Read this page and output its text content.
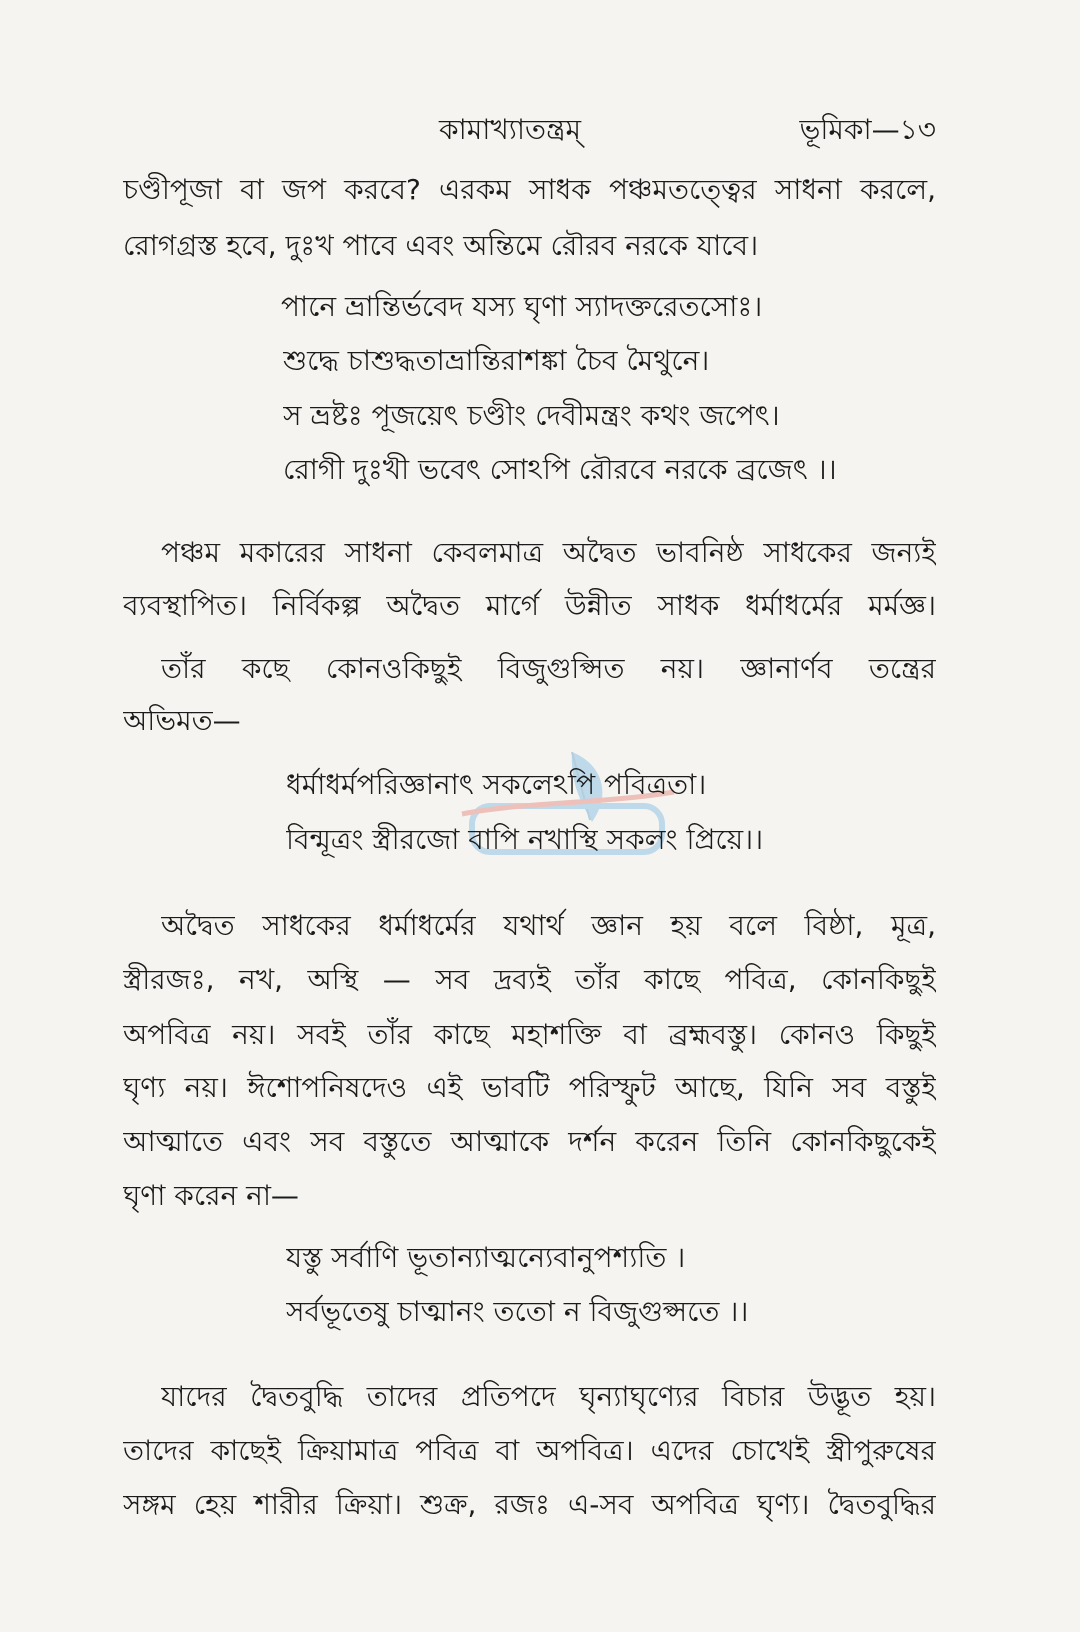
কামাখ্যাতন্ত্রম্	ভূমিকা—১৩
চণ্ডীপূজা বা জপ করবে? এরকম সাধক পঞ্চমতত্ত্বের সাধনা করলে,
রোগগ্রস্ত হবে, দুঃখ পাবে এবং অন্তিমে রৌরব নরকে যাবে।
পানে ভ্রান্তির্ভবেদ যস্য ঘৃণা স্যাদক্তরেতসোঃ।
শুদ্ধে চাশুদ্ধতাভ্রান্তিরাশঙ্কা চৈব মৈথুনে।
স ভ্রষ্টঃ পূজয়েৎ চণ্ডীং দেবীমন্ত্রং কথং জপেৎ।
রোগী দুঃখী ভবেৎ সোঽপি রৌরবে নরকে ব্রজেৎ ।।
পঞ্চম মকারের সাধনা কেবলমাত্র অদ্বৈত ভাবনিষ্ঠ সাধকের জন্যই
ব্যবস্থাপিত। নির্বিকল্প অদ্বৈত মার্গে উন্নীত সাধক ধর্মাধর্মের মর্মজ্ঞ।
তাঁর কছে কোনওকিছুই বিজুগুপ্সিত নয়। জ্ঞানার্ণব তন্ত্রের
অভিমত—
ধর্মাধর্মপরিজ্ঞানাৎ সকলেঽপি পবিত্রতা।
বিন্মূত্রং স্ত্রীরজো বাপি নখাস্থি সকলং প্রিয়ে।।
অদ্বৈত সাধকের ধর্মাধর্মের যথার্থ জ্ঞান হয় বলে বিষ্ঠা, মূত্র,
স্ত্রীরজঃ, নখ, অস্থি — সব দ্রব্যই তাঁর কাছে পবিত্র, কোনকিছুই
অপবিত্র নয়। সবই তাঁর কাছে মহাশক্তি বা ব্রহ্মবস্তু। কোনও কিছুই
ঘৃণ্য নয়। ঈশোপনিষদেও এই ভাবটি পরিস্ফুট আছে, যিনি সব বস্তুই
আত্মাতে এবং সব বস্তুতে আত্মাকে দর্শন করেন তিনি কোনকিছুকেই
ঘৃণা করেন না—
যস্তু সর্বাণি ভূতান্যাত্মন্যেবানুপশ্যতি ।
সর্বভূতেষু চাত্মানং ততো ন বিজুগুপ্সতে ।।
যাদের দ্বৈতবুদ্ধি তাদের প্রতিপদে ঘৃন্যাঘৃণ্যের বিচার উদ্ভূত হয়।
তাদের কাছেই ক্রিয়ামাত্র পবিত্র বা অপবিত্র। এদের চোখেই স্ত্রীপুরুষের
সঙ্গম হেয় শারীর ক্রিয়া। শুক্র, রজঃ এ-সব অপবিত্র ঘৃণ্য। দ্বৈতবুদ্ধির
